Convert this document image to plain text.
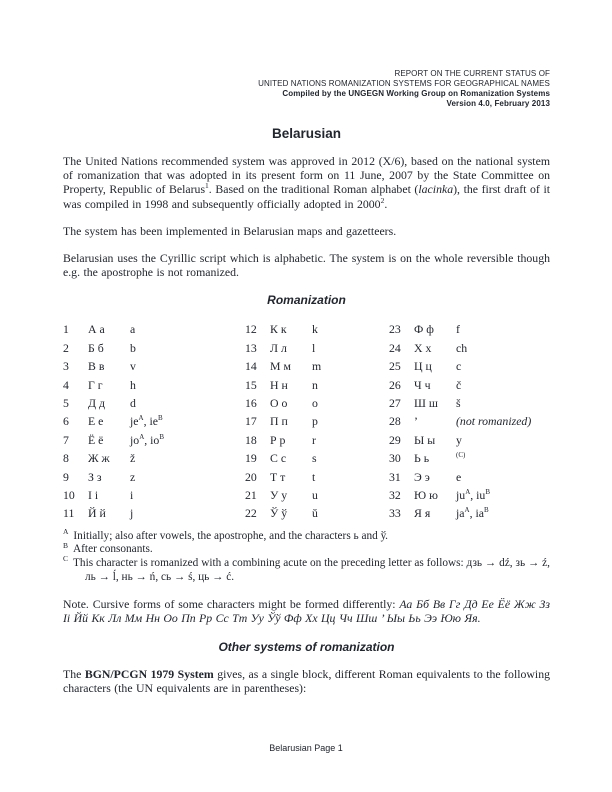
REPORT ON THE CURRENT STATUS OF
UNITED NATIONS ROMANIZATION SYSTEMS FOR GEOGRAPHICAL NAMES
Compiled by the UNGEGN Working Group on Romanization Systems
Version 4.0, February 2013
Belarusian

The United Nations recommended system was approved in 2012 (X/6), based on the national system of romanization that was adopted in its present form on 11 June, 2007 by the State Committee on Property, Republic of Belarus$^1$. Based on the traditional Roman alphabet (lacinka), the first draft of it was compiled in 1998 and subsequently officially adopted in 2000$^2$.

The system has been implemented in Belarusian maps and gazetteers.

Belarusian uses the Cyrillic script which is alphabetic. The system is on the whole reversible though e.g. the apostrophe is not romanized.

Romanization
1	А а	a
2	Б б	b
3	В в	v
4	Г г	h
5	Д д	d
6	Е е	$je^A$, $ie^B$
7	Ё ё	$jo^A$, $io^B$
8	Ж ж	ž
9	З з	z
10	І і	i
11	Й й	j
12	К к	k
13	Л л	l
14	М м	m
15	Н н	n
16	О о	o
17	П п	p
18	Р р	r
19	С с	s
20	Т т	t
21	У у	u
22	Ў ў	ŭ
23	Ф ф	f
24	Х х	ch
25	Ц ц	c
26	Ч ч	č
27	Ш ш	š
28	’	(not romanized)
29	Ы ы	y
30	Ь ь	$^{(C)}$
31	Э э	e
32	Ю ю	$ju^A$, $iu^B$
33	Я я	$ja^A$, $ia^B$
$^A$ Initially; also after vowels, the apostrophe, and the characters ь and ў.
$^B$ After consonants.
$^C$ This character is romanized with a combining acute on the preceding letter as follows: дзь → dź, зь → ź, ль → ĺ, нь → ń, сь → ś, ць → ć.

Note. Cursive forms of some characters might be formed differently: Аа Бб Вв Гг Дд Ее Ёё Жж Зз Іі Йй Кк Лл Мм Нн Оо Пп Рр Сс Тт Уу Ўў Фф Хх Цц Чч Шш ’ Ыы Ьь Ээ Юю Яя.

Other systems of romanization

The BGN/PCGN 1979 System gives, as a single block, different Roman equivalents to the following characters (the UN equivalents are in parentheses):

Belarusian Page 1
